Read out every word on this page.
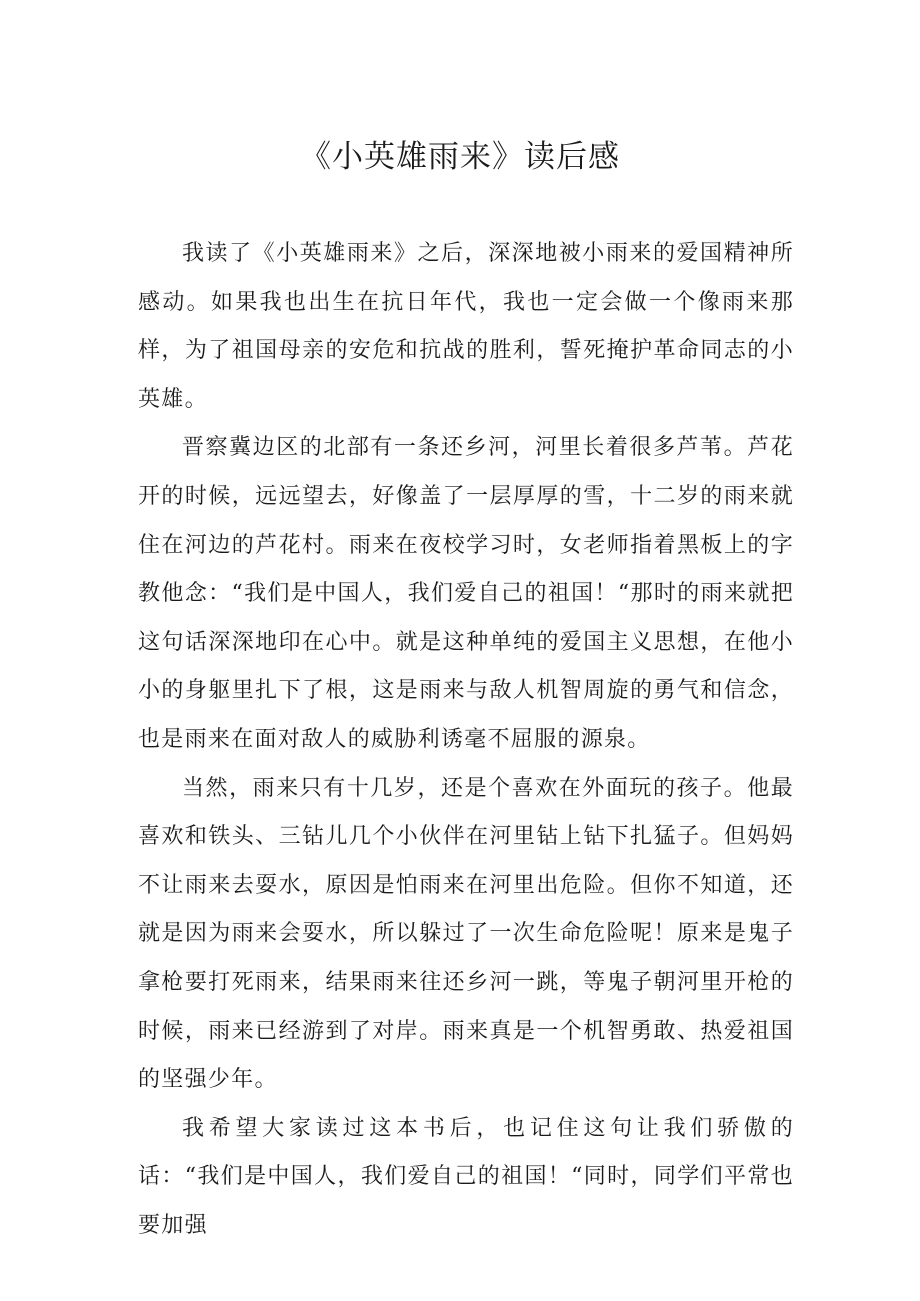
《小英雄雨来》读后感

我读了《小英雄雨来》之后，深深地被小雨来的爱国精神所感动。如果我也出生在抗日年代，我也一定会做一个像雨来那样，为了祖国母亲的安危和抗战的胜利，誓死掩护革命同志的小英雄。

晋察冀边区的北部有一条还乡河，河里长着很多芦苇。芦花开的时候，远远望去，好像盖了一层厚厚的雪，十二岁的雨来就住在河边的芦花村。雨来在夜校学习时，女老师指着黑板上的字教他念：“我们是中国人，我们爱自己的祖国！“那时的雨来就把这句话深深地印在心中。就是这种单纯的爱国主义思想，在他小小的身躯里扎下了根，这是雨来与敌人机智周旋的勇气和信念，也是雨来在面对敌人的威胁利诱毫不屈服的源泉。

当然，雨来只有十几岁，还是个喜欢在外面玩的孩子。他最喜欢和铁头、三钻儿几个小伙伴在河里钻上钻下扎猛子。但妈妈不让雨来去耍水，原因是怕雨来在河里出危险。但你不知道，还就是因为雨来会耍水，所以躲过了一次生命危险呢！原来是鬼子拿枪要打死雨来，结果雨来往还乡河一跳，等鬼子朝河里开枪的时候，雨来已经游到了对岸。雨来真是一个机智勇敢、热爱祖国的坚强少年。

我希望大家读过这本书后，也记住这句让我们骄傲的话：“我们是中国人，我们爱自己的祖国！“同时，同学们平常也要加强
